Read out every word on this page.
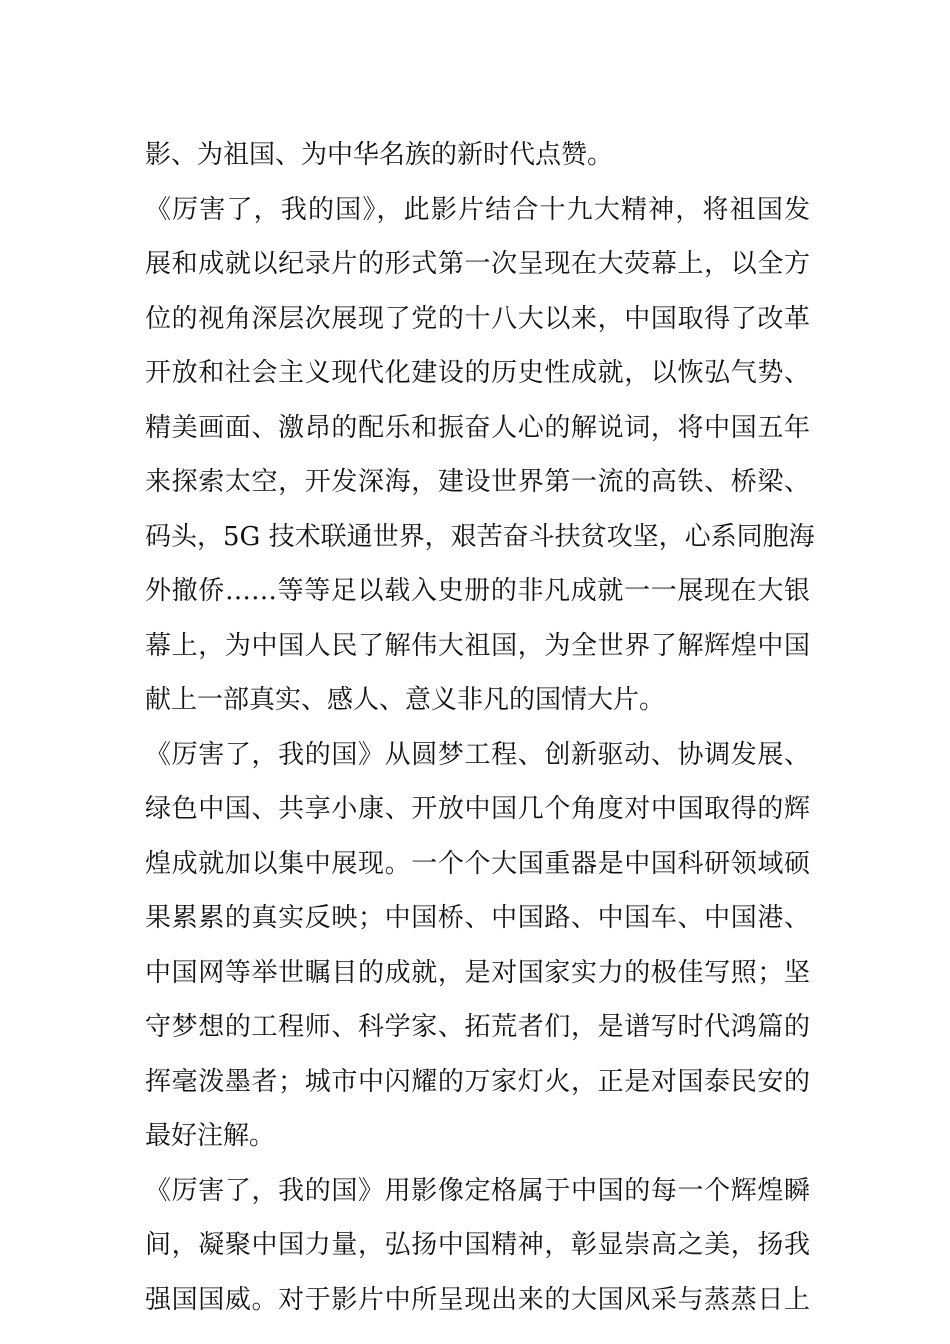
影、为祖国、为中华名族的新时代点赞。
《厉害了，我的国》，此影片结合十九大精神，将祖国发
展和成就以纪录片的形式第一次呈现在大荧幕上，以全方
位的视角深层次展现了党的十八大以来，中国取得了改革
开放和社会主义现代化建设的历史性成就，以恢弘气势、
精美画面、激昂的配乐和振奋人心的解说词，将中国五年
来探索太空，开发深海，建设世界第一流的高铁、桥梁、
码头，5G 技术联通世界，艰苦奋斗扶贫攻坚，心系同胞海
外撤侨……等等足以载入史册的非凡成就一一展现在大银
幕上，为中国人民了解伟大祖国，为全世界了解辉煌中国
献上一部真实、感人、意义非凡的国情大片。
《厉害了，我的国》从圆梦工程、创新驱动、协调发展、
绿色中国、共享小康、开放中国几个角度对中国取得的辉
煌成就加以集中展现。一个个大国重器是中国科研领域硕
果累累的真实反映；中国桥、中国路、中国车、中国港、
中国网等举世瞩目的成就，是对国家实力的极佳写照；坚
守梦想的工程师、科学家、拓荒者们，是谱写时代鸿篇的
挥毫泼墨者；城市中闪耀的万家灯火，正是对国泰民安的
最好注解。
《厉害了，我的国》用影像定格属于中国的每一个辉煌瞬
间，凝聚中国力量，弘扬中国精神，彰显崇高之美，扬我
强国国威。对于影片中所呈现出来的大国风采与蒸蒸日上
